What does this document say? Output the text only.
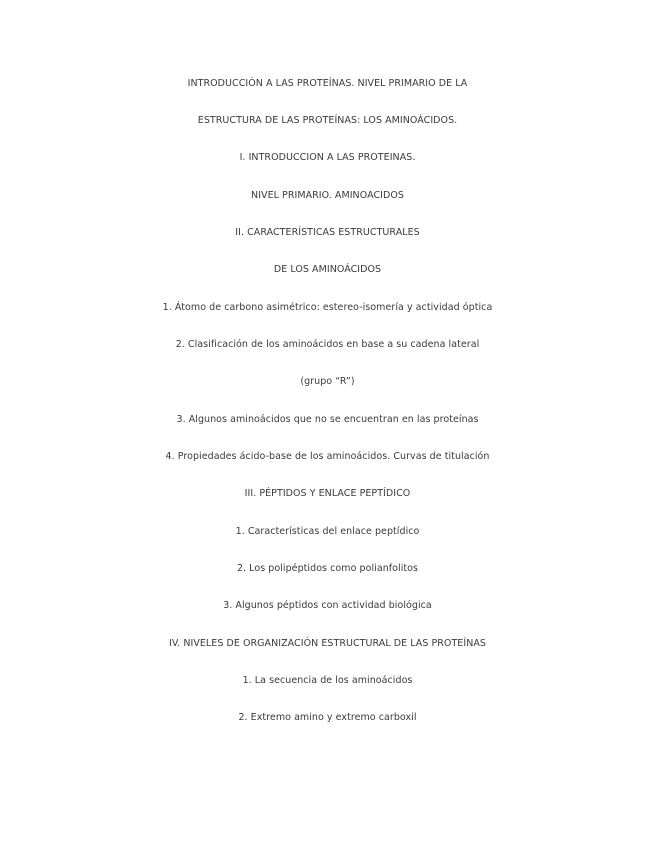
INTRODUCCIÓN A LAS PROTEÍNAS. NIVEL PRIMARIO DE LA
ESTRUCTURA DE LAS PROTEÍNAS: LOS AMINOÁCIDOS.
I. INTRODUCCION A LAS PROTEINAS.
NIVEL PRIMARIO. AMINOACIDOS
II. CARACTERÍSTICAS ESTRUCTURALES
DE LOS AMINOÁCIDOS
1. Átomo de carbono asimétrico: estereo-isomería y actividad óptica
2. Clasificación de los aminoácidos en base a su cadena lateral
(grupo “R”)
3. Algunos aminoácidos que no se encuentran en las proteínas
4. Propiedades ácido-base de los aminoácidos. Curvas de titulación
III. PÉPTIDOS Y ENLACE PEPTÍDICO
1. Características del enlace peptídico
2. Los polipéptidos como polianfolitos
3. Algunos péptidos con actividad biológica
IV. NIVELES DE ORGANIZACIÓN ESTRUCTURAL DE LAS PROTEÍNAS
1. La secuencia de los aminoácidos
2. Extremo amino y extremo carboxil
